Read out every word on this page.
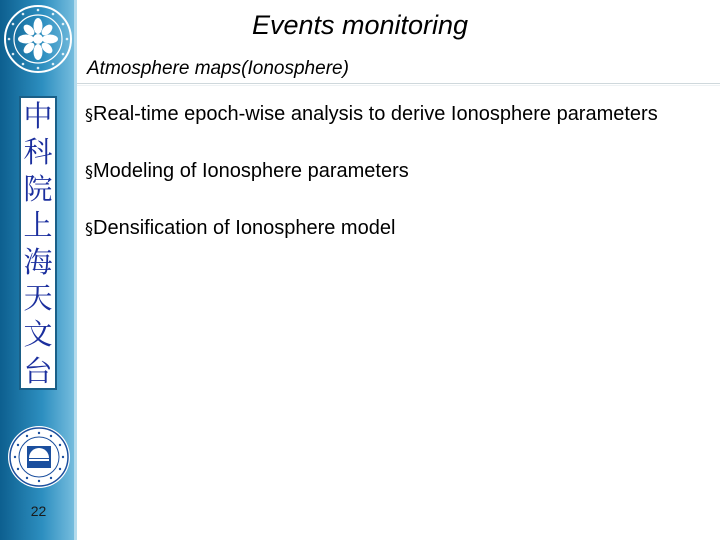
中
科
院
上
海
天
文
台
22
Events monitoring
Atmosphere maps(Ionosphere)
§Real-time epoch-wise analysis to derive Ionosphere parameters
§Modeling of Ionosphere parameters
§Densification of Ionosphere model
